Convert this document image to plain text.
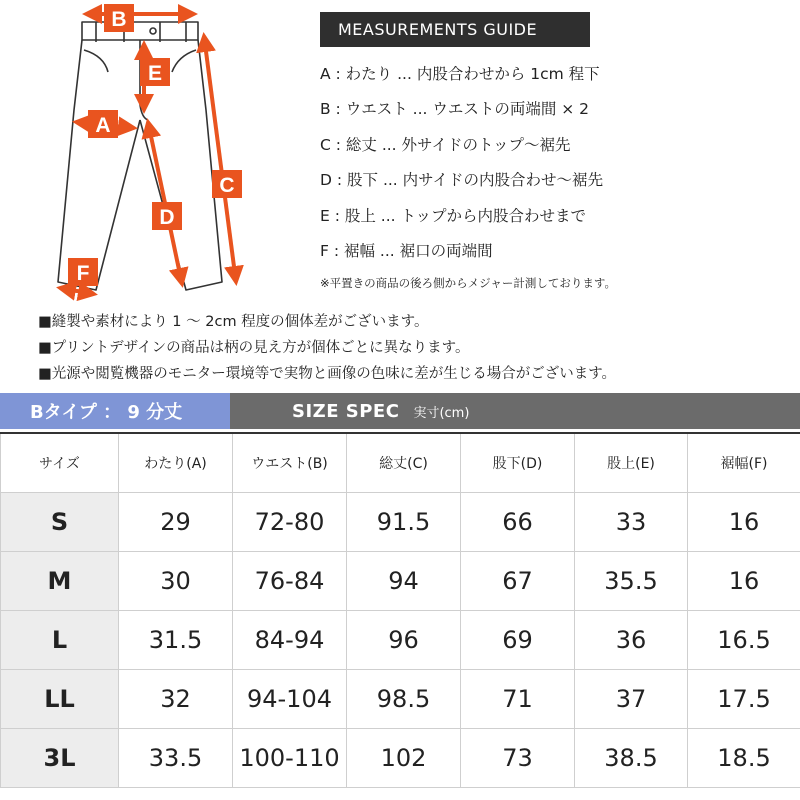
B
E
A
C
D
F
MEASUREMENTS GUIDE
A : わたり ... 内股合わせから 1cm 程下
B : ウエスト ... ウエストの両端間 × 2
C : 総丈 ... 外サイドのトップ～裾先
D : 股下 ... 内サイドの内股合わせ～裾先
E : 股上 ... トップから内股合わせまで
F : 裾幅 ... 裾口の両端間
※平置きの商品の後ろ側からメジャー計測しております。
■縫製や素材により 1 ～ 2cm 程度の個体差がございます。
■プリントデザインの商品は柄の見え方が個体ごとに異なります。
■光源や閲覧機器のモニター環境等で実物と画像の色味に差が生じる場合がございます。
Bタイプ ： 9 分丈	SIZE SPEC 実寸(cm)
サイズ	わたり(A)	ウエスト(B)	総丈(C)	股下(D)	股上(E)	裾幅(F)
S	29	72-80	91.5	66	33	16
M	30	76-84	94	67	35.5	16
L	31.5	84-94	96	69	36	16.5
LL	32	94-104	98.5	71	37	17.5
3L	33.5	100-110	102	73	38.5	18.5
